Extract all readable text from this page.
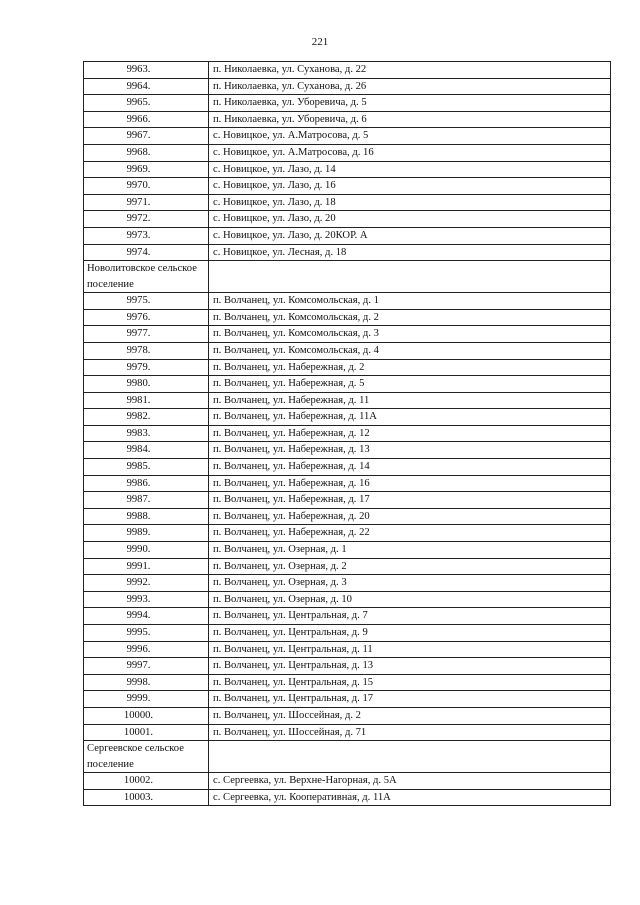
221
9963.	п. Николаевка, ул. Суханова, д. 22
9964.	п. Николаевка, ул. Суханова, д. 26
9965.	п. Николаевка, ул. Уборевича, д. 5
9966.	п. Николаевка, ул. Уборевича, д. 6
9967.	с. Новицкое, ул. А.Матросова, д. 5
9968.	с. Новицкое, ул. А.Матросова, д. 16
9969.	с. Новицкое, ул. Лазо, д. 14
9970.	с. Новицкое, ул. Лазо, д. 16
9971.	с. Новицкое, ул. Лазо, д. 18
9972.	с. Новицкое, ул. Лазо, д. 20
9973.	с. Новицкое, ул. Лазо, д. 20КОР. А
9974.	с. Новицкое, ул. Лесная, д. 18
Новолитовское сельское поселение	
9975.	п. Волчанец, ул. Комсомольская, д. 1
9976.	п. Волчанец, ул. Комсомольская, д. 2
9977.	п. Волчанец, ул. Комсомольская, д. 3
9978.	п. Волчанец, ул. Комсомольская, д. 4
9979.	п. Волчанец, ул. Набережная, д. 2
9980.	п. Волчанец, ул. Набережная, д. 5
9981.	п. Волчанец, ул. Набережная, д. 11
9982.	п. Волчанец, ул. Набережная, д. 11А
9983.	п. Волчанец, ул. Набережная, д. 12
9984.	п. Волчанец, ул. Набережная, д. 13
9985.	п. Волчанец, ул. Набережная, д. 14
9986.	п. Волчанец, ул. Набережная, д. 16
9987.	п. Волчанец, ул. Набережная, д. 17
9988.	п. Волчанец, ул. Набережная, д. 20
9989.	п. Волчанец, ул. Набережная, д. 22
9990.	п. Волчанец, ул. Озерная, д. 1
9991.	п. Волчанец, ул. Озерная, д. 2
9992.	п. Волчанец, ул. Озерная, д. 3
9993.	п. Волчанец, ул. Озерная, д. 10
9994.	п. Волчанец, ул. Центральная, д. 7
9995.	п. Волчанец, ул. Центральная, д. 9
9996.	п. Волчанец, ул. Центральная, д. 11
9997.	п. Волчанец, ул. Центральная, д. 13
9998.	п. Волчанец, ул. Центральная, д. 15
9999.	п. Волчанец, ул. Центральная, д. 17
10000.	п. Волчанец, ул. Шоссейная, д. 2
10001.	п. Волчанец, ул. Шоссейная, д. 71
Сергеевское сельское поселение	
10002.	с. Сергеевка, ул. Верхне-Нагорная, д. 5А
10003.	с. Сергеевка, ул. Кооперативная, д. 11А
